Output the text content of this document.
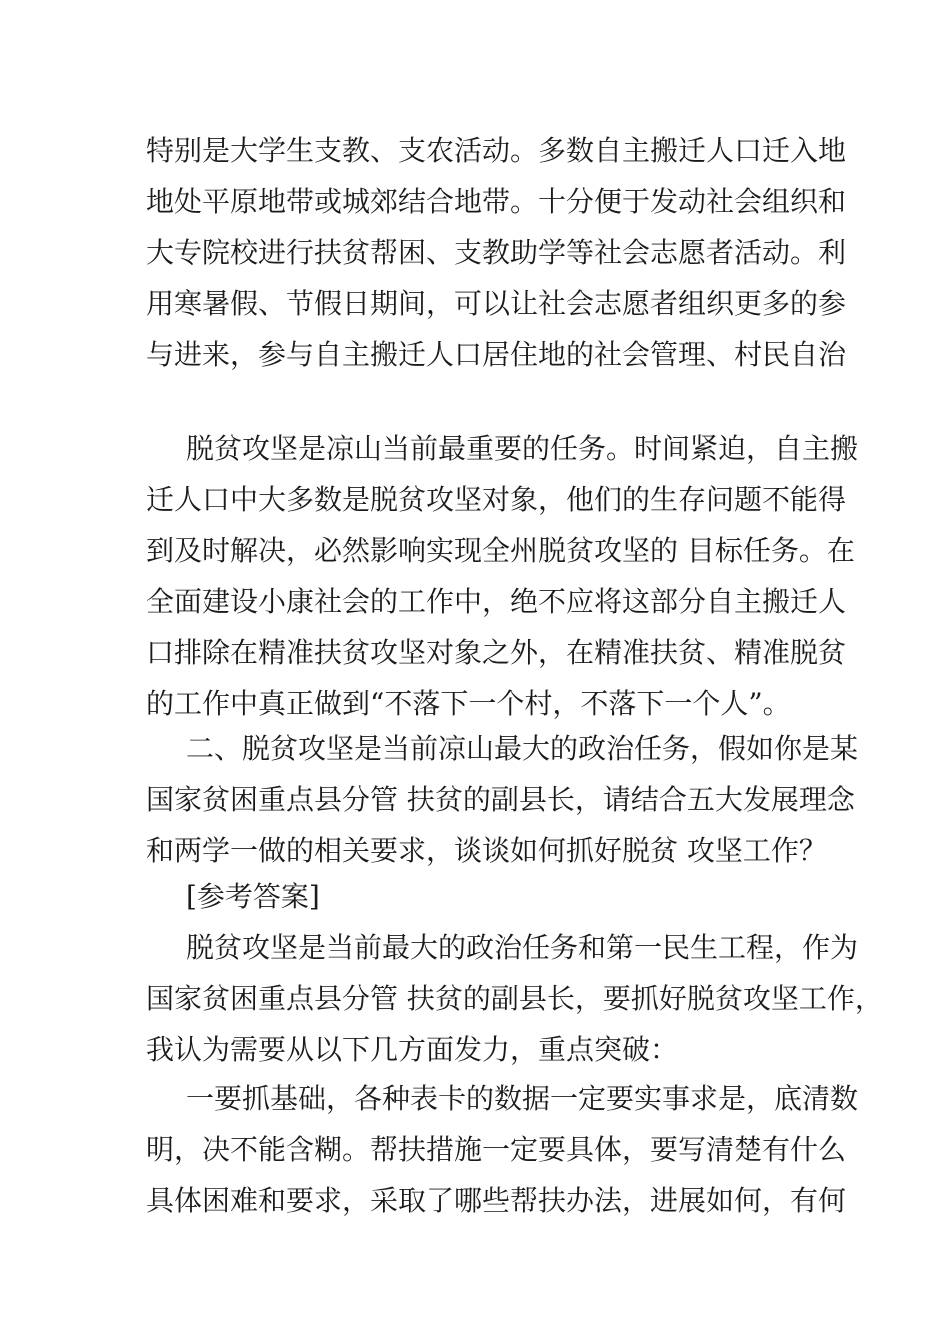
特别是大学生支教、支农活动。多数自主搬迁人口迁入地
地处平原地带或城郊结合地带。十分便于发动社会组织和
大专院校进行扶贫帮困、支教助学等社会志愿者活动。利
用寒暑假、节假日期间，可以让社会志愿者组织更多的参
与进来，参与自主搬迁人口居住地的社会管理、村民自治
脱贫攻坚是凉山当前最重要的任务。时间紧迫，自主搬
迁人口中大多数是脱贫攻坚对象，他们的生存问题不能得
到及时解决，必然影响实现全州脱贫攻坚的 目标任务。在
全面建设小康社会的工作中，绝不应将这部分自主搬迁人
口排除在精准扶贫攻坚对象之外，在精准扶贫、精准脱贫
的工作中真正做到“不落下一个村，不落下一个人”。
二、脱贫攻坚是当前凉山最大的政治任务，假如你是某
国家贫困重点县分管 扶贫的副县长，请结合五大发展理念
和两学一做的相关要求，谈谈如何抓好脱贫 攻坚工作？
[参考答案]
脱贫攻坚是当前最大的政治任务和第一民生工程，作为
国家贫困重点县分管 扶贫的副县长，要抓好脱贫攻坚工作，
我认为需要从以下几方面发力，重点突破：
一要抓基础，各种表卡的数据一定要实事求是，底清数
明，决不能含糊。帮扶措施一定要具体，要写清楚有什么
具体困难和要求，采取了哪些帮扶办法，进展如何，有何
